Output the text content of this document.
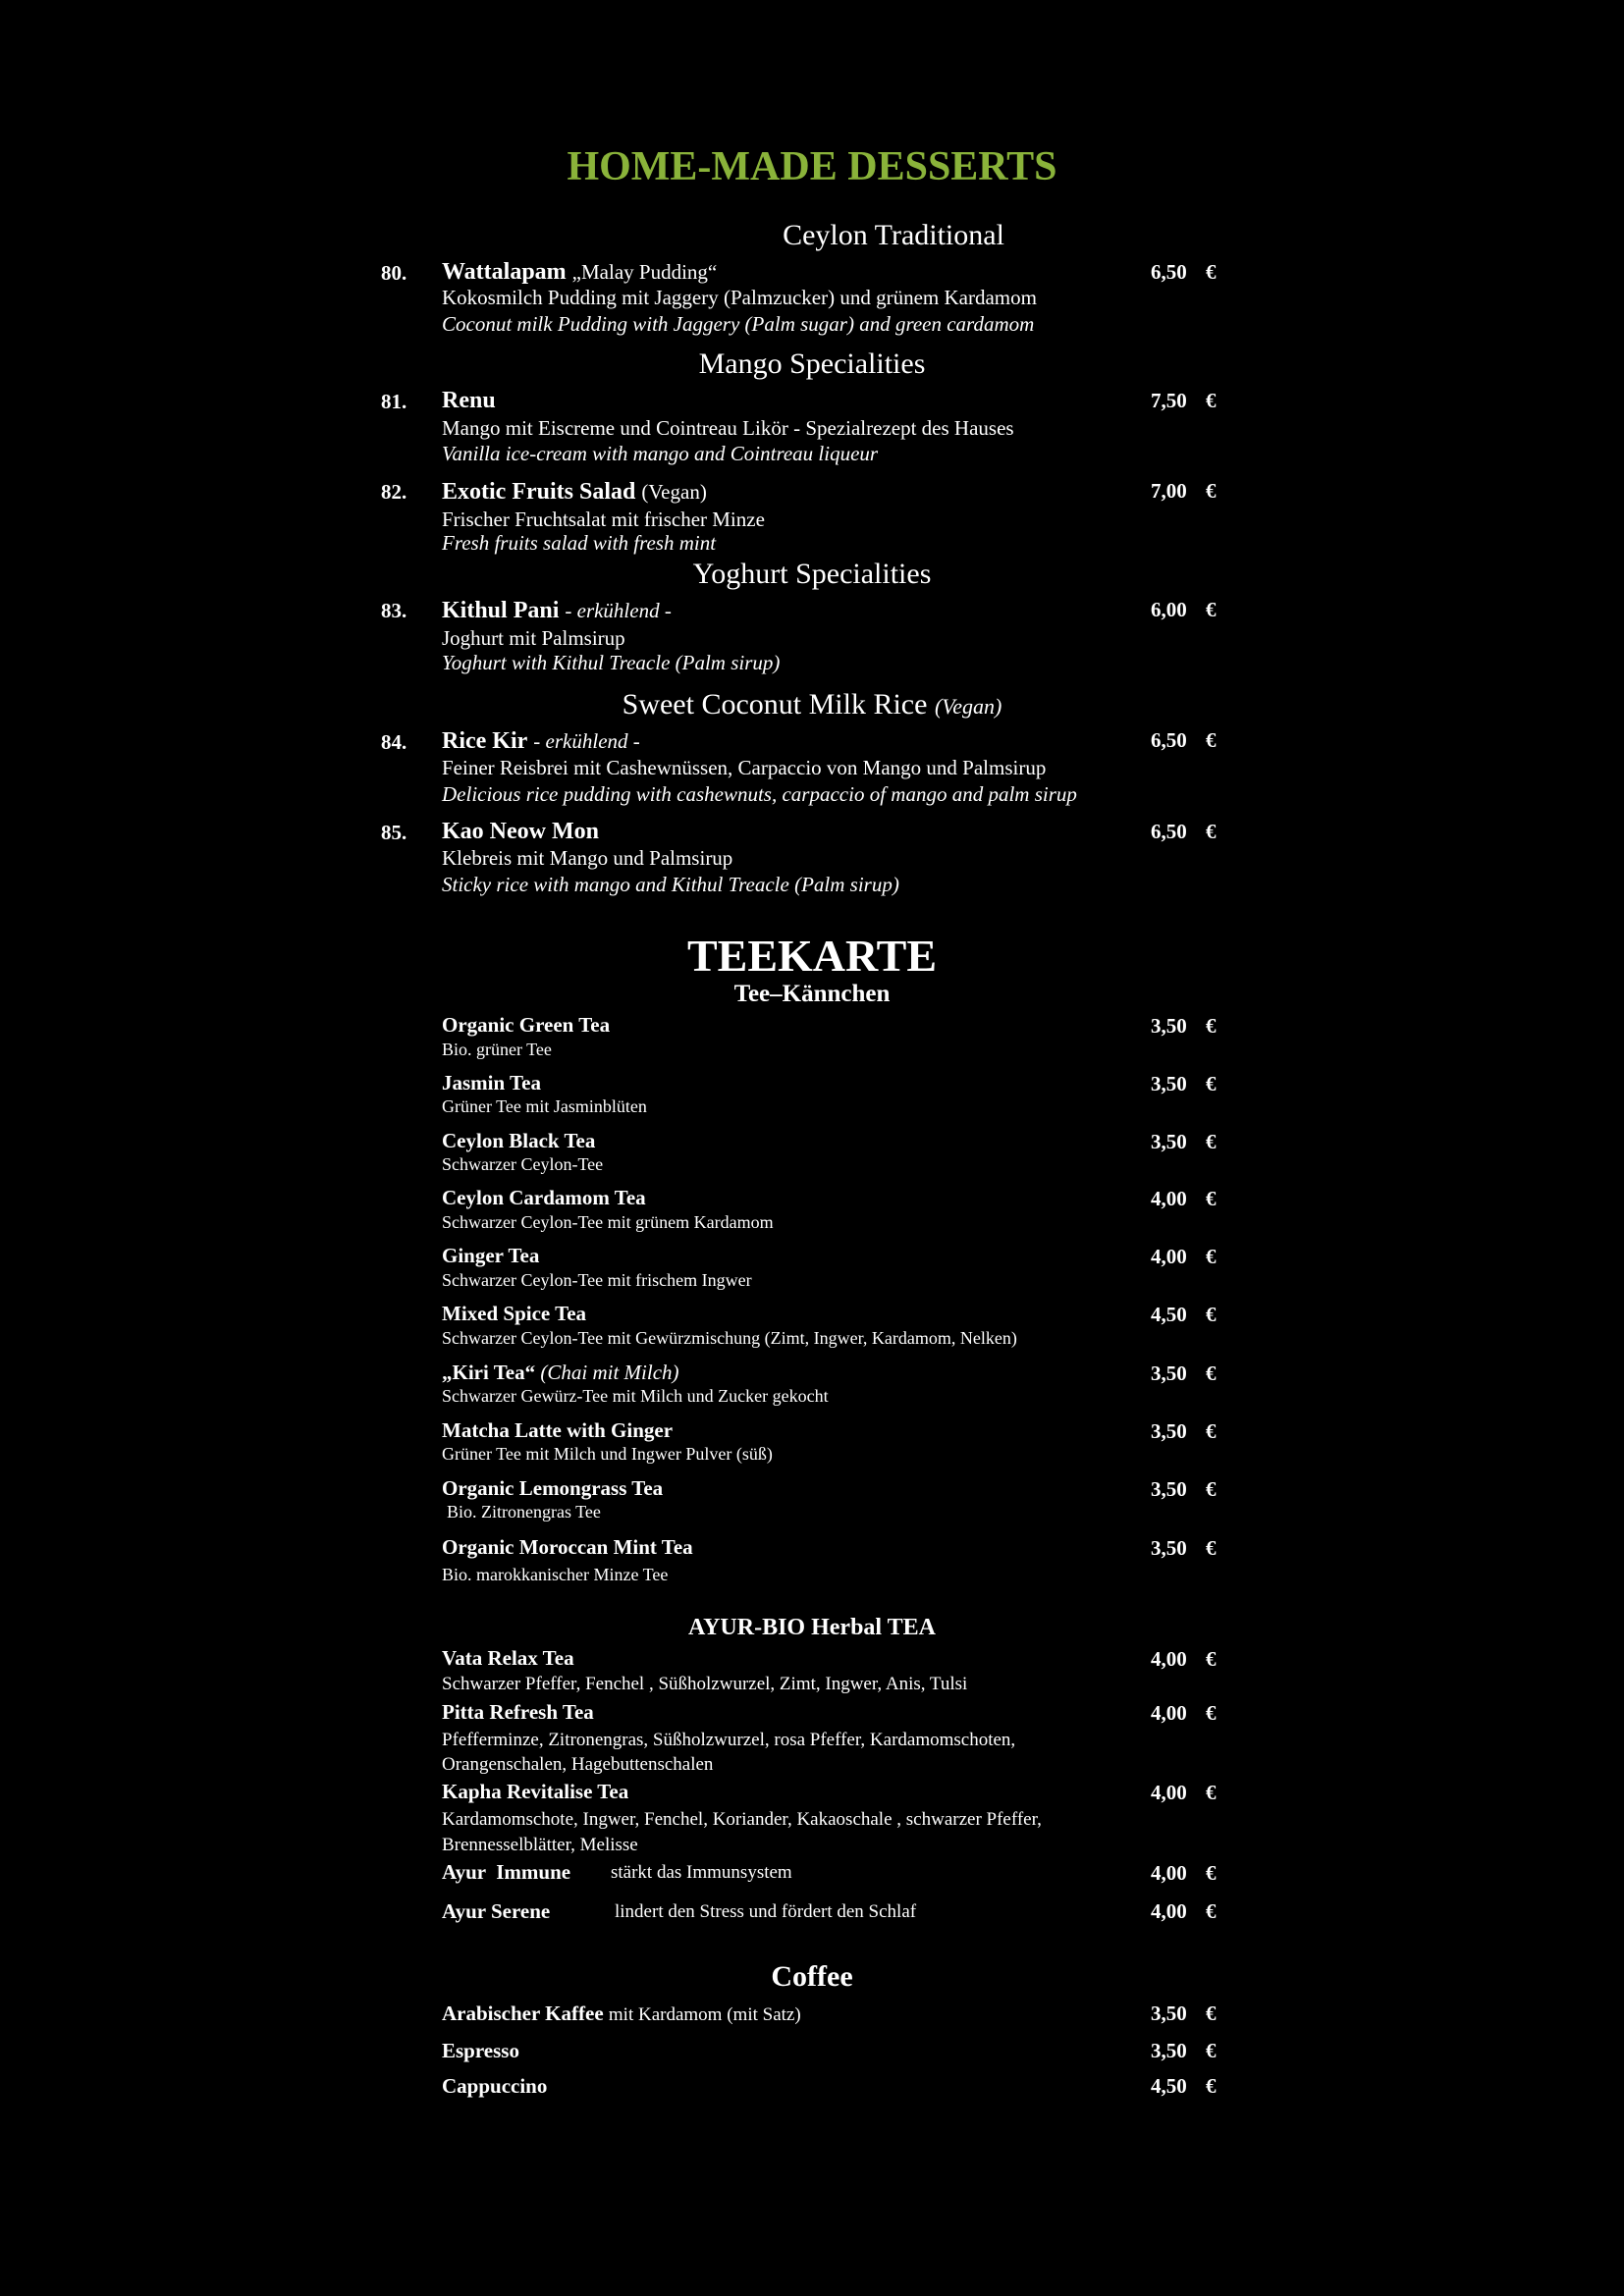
HOME-MADE DESSERTS
Ceylon Traditional
80. Wattalapam „Malay Pudding“
Kokosmilch Pudding mit Jaggery (Palmzucker) und grünem Kardamom
Coconut milk Pudding with Jaggery (Palm sugar) and green cardamom
6,50 €
Mango Specialities
81. Renu
Mango mit Eiscreme und Cointreau Likör - Spezialrezept des Hauses
Vanilla ice-cream with mango and Cointreau liqueur
7,50 €
82. Exotic Fruits Salad (Vegan)
Frischer Fruchtsalat mit frischer Minze
Fresh fruits salad with fresh mint
7,00 €
Yoghurt Specialities
83. Kithul Pani - erkühlend -
Joghurt mit Palmsirup
Yoghurt with Kithul Treacle (Palm sirup)
6,00 €
Sweet Coconut Milk Rice (Vegan)
84. Rice Kir - erkühlend -
Feiner Reisbrei mit Cashewnüssen, Carpaccio von Mango und Palmsirup
Delicious rice pudding with cashewnuts, carpaccio of mango and palm sirup
6,50 €
85. Kao Neow Mon
Klebreis mit Mango und Palmsirup
Sticky rice with mango and Kithul Treacle (Palm sirup)
6,50 €
TEEKARTE
Tee–Kännchen
Organic Green Tea
Bio. grüner Tee
3,50 €
Jasmin Tea
Grüner Tee mit Jasminblüten
3,50 €
Ceylon Black Tea
Schwarzer Ceylon-Tee
3,50 €
Ceylon Cardamom Tea
Schwarzer Ceylon-Tee mit grünem Kardamom
4,00 €
Ginger Tea
Schwarzer Ceylon-Tee mit frischem Ingwer
4,00 €
Mixed Spice Tea
Schwarzer Ceylon-Tee mit Gewürzmischung (Zimt, Ingwer, Kardamom, Nelken)
4,50 €
„Kiri Tea“ (Chai mit Milch)
Schwarzer Gewürz-Tee mit Milch und Zucker gekocht
3,50 €
Matcha Latte with Ginger
Grüner Tee mit Milch und Ingwer Pulver (süß)
3,50 €
Organic Lemongrass Tea
Bio. Zitronengras Tee
3,50 €
Organic Moroccan Mint Tea
Bio. marokkanischer Minze Tee
3,50 €
AYUR-BIO Herbal TEA
Vata Relax Tea
Schwarzer Pfeffer, Fenchel , Süßholzwurzel, Zimt, Ingwer, Anis, Tulsi
4,00 €
Pitta Refresh Tea
Pfefferminze, Zitronengras, Süßholzwurzel, rosa Pfeffer, Kardamomschoten,
Orangenschalen, Hagebuttenschalen
4,00 €
Kapha Revitalise Tea
Kardamomschote, Ingwer, Fenchel, Koriander, Kakaoschale , schwarzer Pfeffer,
Brennesselblätter, Melisse
4,00 €
Ayur  Immune stärkt das Immunsystem	4,00 €
Ayur Serene	lindert den Stress und fördert den Schlaf	4,00 €
Coffee
Arabischer Kaffee mit Kardamom (mit Satz)	3,50 €
Espresso	3,50 €
Cappuccino	4,50 €
